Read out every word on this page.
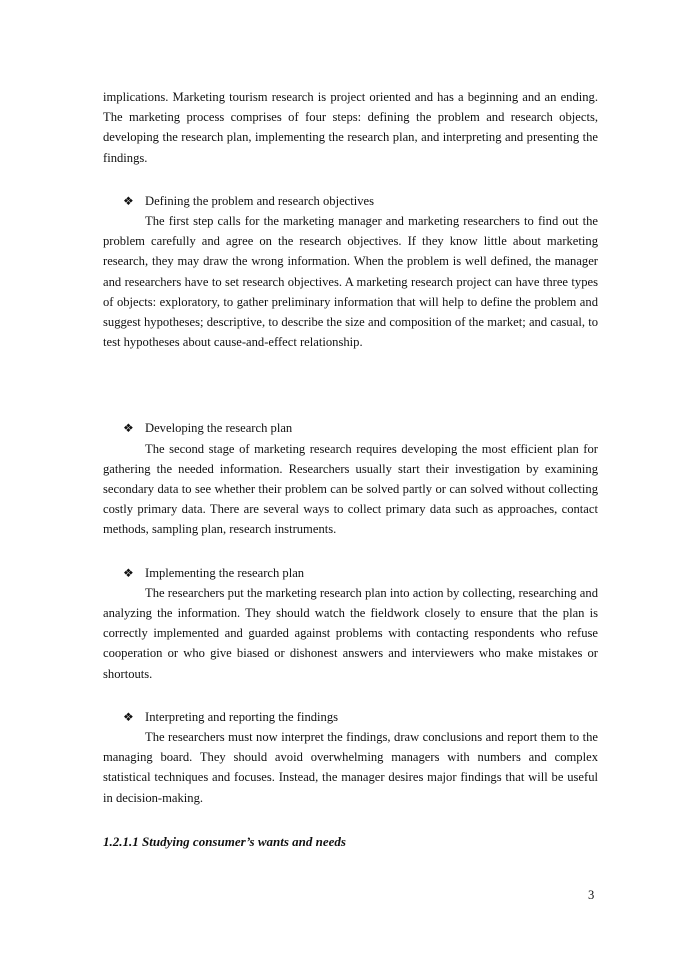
implications. Marketing tourism research is project oriented and has a beginning and an ending. The marketing process comprises of four steps: defining the problem and research objects, developing the research plan, implementing the research plan, and interpreting and presenting the findings.

❖ Defining the problem and research objectives

The first step calls for the marketing manager and marketing researchers to find out the problem carefully and agree on the research objectives. If they know little about marketing research, they may draw the wrong information. When the problem is well defined, the manager and researchers have to set research objectives. A marketing research project can have three types of objects: exploratory, to gather preliminary information that will help to define the problem and suggest hypotheses; descriptive, to describe the size and composition of the market; and casual, to test hypotheses about cause-and-effect relationship.

❖ Developing the research plan

The second stage of marketing research requires developing the most efficient plan for gathering the needed information. Researchers usually start their investigation by examining secondary data to see whether their problem can be solved partly or can solved without collecting costly primary data. There are several ways to collect primary data such as approaches, contact methods, sampling plan, research instruments.

❖ Implementing the research plan

The researchers put the marketing research plan into action by collecting, researching and analyzing the information. They should watch the fieldwork closely to ensure that the plan is correctly implemented and guarded against problems with contacting respondents who refuse cooperation or who give biased or dishonest answers and interviewers who make mistakes or shortouts.

❖ Interpreting and reporting the findings

The researchers must now interpret the findings, draw conclusions and report them to the managing board. They should avoid overwhelming managers with numbers and complex statistical techniques and focuses. Instead, the manager desires major findings that will be useful in decision-making.

1.2.1.1 Studying consumer’s wants and needs
3
